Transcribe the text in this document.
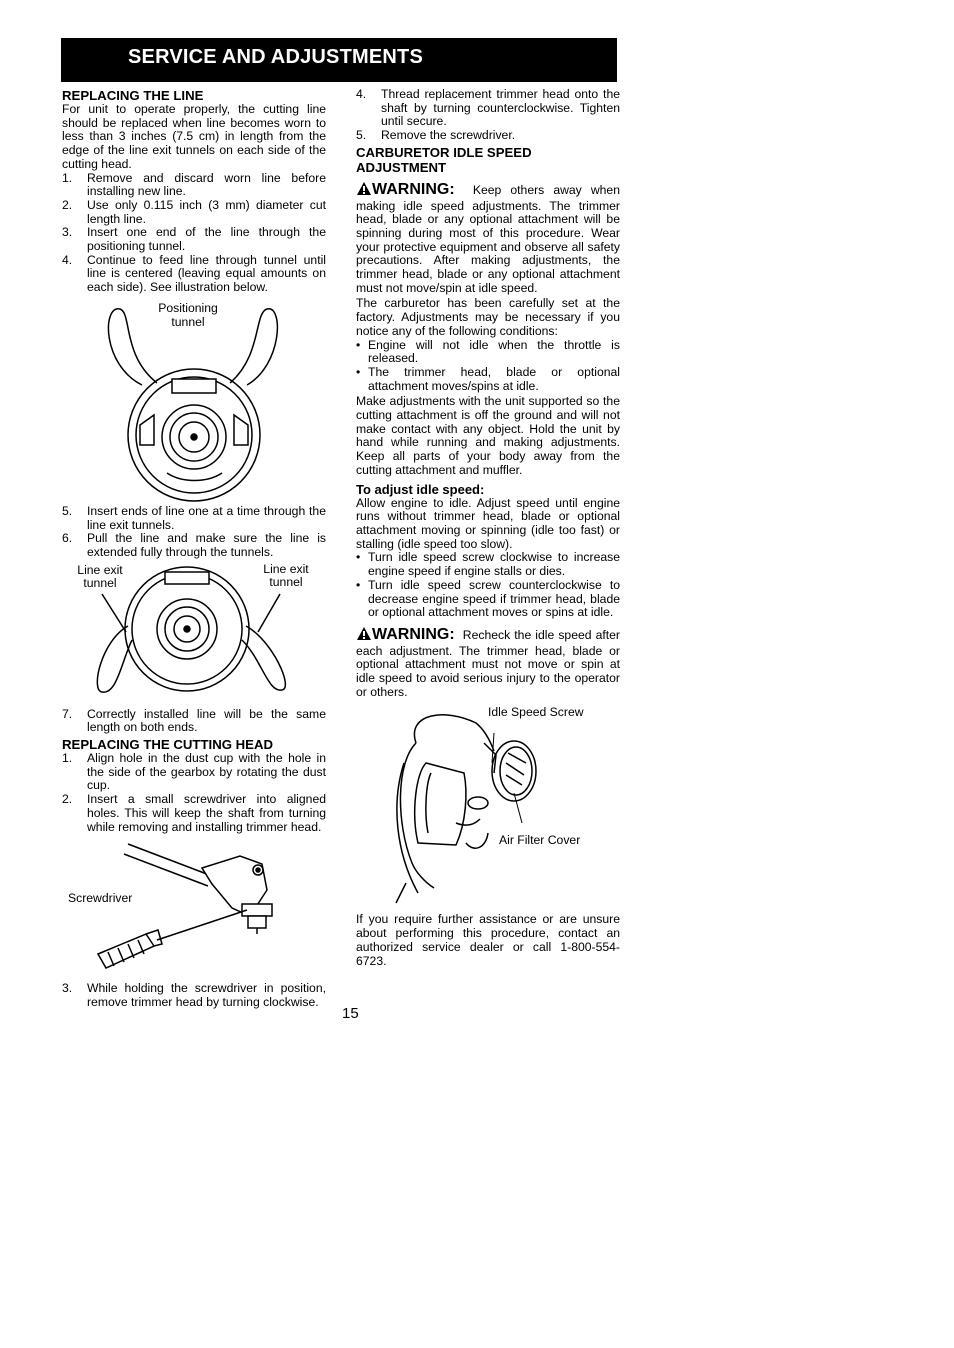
SERVICE AND ADJUSTMENTS

REPLACING THE LINE

For unit to operate properly, the cutting line should be replaced when line becomes worn to less than 3 inches (7.5 cm) in length from the edge of the line exit tunnels on each side of the cutting head.

1.	Remove and discard worn line before installing new line.
2.	Use only 0.115 inch (3 mm) diameter cut length line.
3.	Insert one end of the line through the positioning tunnel.
4.	Continue to feed line through tunnel until line is centered (leaving equal amounts on each side). See illustration below.
Positioning
tunnel
5.	Insert ends of line one at a time through the line exit tunnels.
6.	Pull the line and make sure the line is extended fully through the tunnels.
Line exit
tunnel
Line exit
tunnel
7.	Correctly installed line will be the same length on both ends.

REPLACING THE CUTTING HEAD

1.	Align hole in the dust cup with the hole in the side of the gearbox by rotating the dust cup.
2.	Insert a small screwdriver into aligned holes. This will keep the shaft from turning while removing and installing trimmer head.
Screwdriver
3.	While holding the screwdriver in position, remove trimmer head by turning clockwise.
4.	Thread replacement trimmer head onto the shaft by turning counterclockwise. Tighten until secure.
5.	Remove the screwdriver.

CARBURETOR IDLE SPEED
ADJUSTMENT

WARNING: Keep others away when making idle speed adjustments. The trimmer head, blade or any optional attachment will be spinning during most of this procedure. Wear your protective equipment and observe all safety precautions. After making adjustments, the trimmer head, blade or any optional attachment must not move/spin at idle speed.

The carburetor has been carefully set at the factory. Adjustments may be necessary if you notice any of the following conditions:

• Engine will not idle when the throttle is released.
• The trimmer head, blade or optional attachment moves/spins at idle.

Make adjustments with the unit supported so the cutting attachment is off the ground and will not make contact with any object. Hold the unit by hand while running and making adjustments. Keep all parts of your body away from the cutting attachment and muffler.

To adjust idle speed:

Allow engine to idle. Adjust speed until engine runs without trimmer head, blade or optional attachment moving or spinning (idle too fast) or stalling (idle speed too slow).

• Turn idle speed screw clockwise to increase engine speed if engine stalls or dies.
• Turn idle speed screw counterclockwise to decrease engine speed if trimmer head, blade or optional attachment moves or spins at idle.

WARNING: Recheck the idle speed after each adjustment. The trimmer head, blade or optional attachment must not move or spin at idle speed to avoid serious injury to the operator or others.

Idle Speed Screw
Air Filter Cover

If you require further assistance or are unsure about performing this procedure, contact an authorized service dealer or call 1-800-554-6723.

15
